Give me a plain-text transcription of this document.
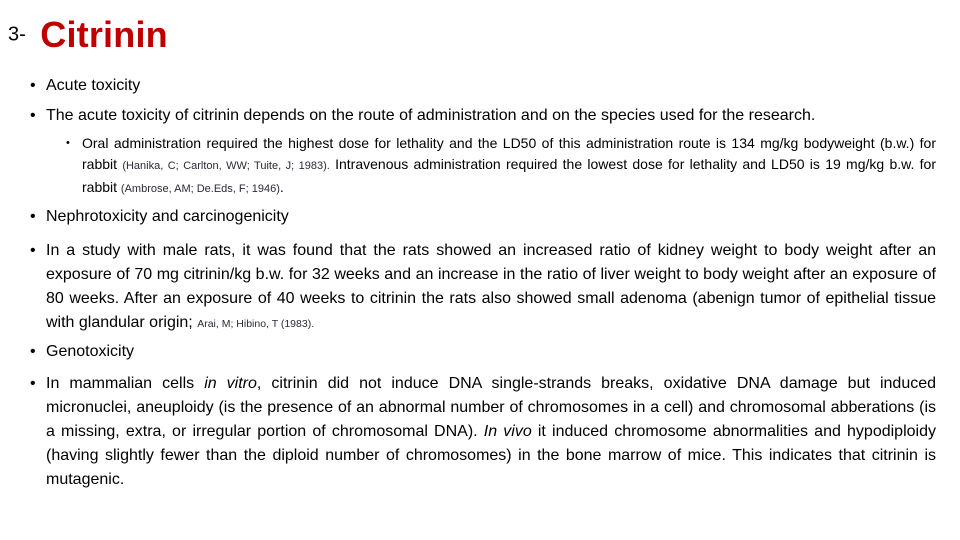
3- Citrinin
• Acute toxicity
• The acute toxicity of citrinin depends on the route of administration and on the species used for the research.
• Oral administration required the highest dose for lethality and the LD50 of this administration route is 134 mg/kg bodyweight (b.w.) for rabbit (Hanika, C; Carlton, WW; Tuite, J; 1983). Intravenous administration required the lowest dose for lethality and LD50 is 19 mg/kg b.w. for rabbit (Ambrose, AM; De.Eds, F; 1946).
• Nephrotoxicity and carcinogenicity
• In a study with male rats, it was found that the rats showed an increased ratio of kidney weight to body weight after an exposure of 70 mg citrinin/kg b.w. for 32 weeks and an increase in the ratio of liver weight to body weight after an exposure of 80 weeks. After an exposure of 40 weeks to citrinin the rats also showed small adenoma (abenign tumor of epithelial tissue with glandular origin; Arai, M; Hibino, T (1983).
• Genotoxicity
• In mammalian cells in vitro, citrinin did not induce DNA single-strands breaks, oxidative DNA damage but induced micronuclei, aneuploidy (is the presence of an abnormal number of chromosomes in a cell) and chromosomal abberations (is a missing, extra, or irregular portion of chromosomal DNA). In vivo it induced chromosome abnormalities and hypodiploidy (having slightly fewer than the diploid number of chromosomes) in the bone marrow of mice. This indicates that citrinin is mutagenic.
